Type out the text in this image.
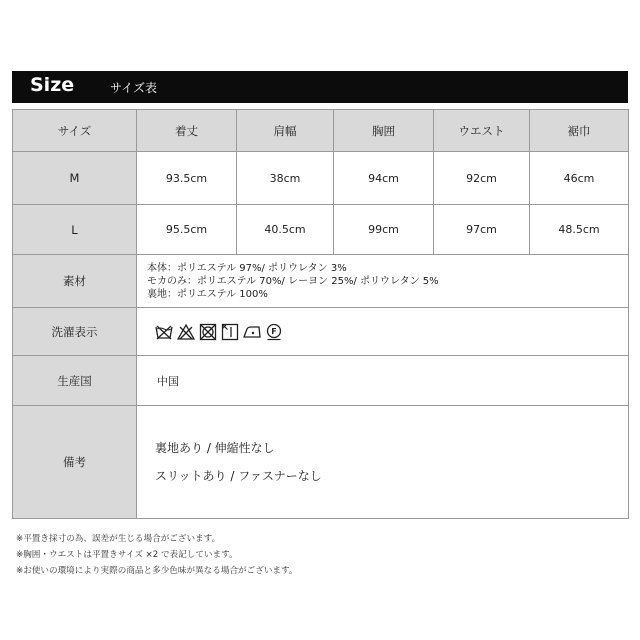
Size	サイズ表
サイズ	着丈	肩幅	胸囲	ウエスト	裾巾
M	93.5cm	38cm	94cm	92cm	46cm
L	95.5cm	40.5cm	99cm	97cm	48.5cm
素材	本体：ポリエステル 97%/ ポリウレタン 3%
モカのみ：ポリエステル 70%/ レーヨン 25%/ ポリウレタン 5%
裏地：ポリエステル 100%				

洗濯表示	F				

生産国	中国				
備考	裏地あり / 伸縮性なし
スリットあり / ファスナーなし				
※平置き採寸の為、誤差が生じる場合がございます。
※胸囲・ウエストは平置きサイズ ×2 で表記しています。
※お使いの環境により実際の商品と多少色味が異なる場合がございます。
